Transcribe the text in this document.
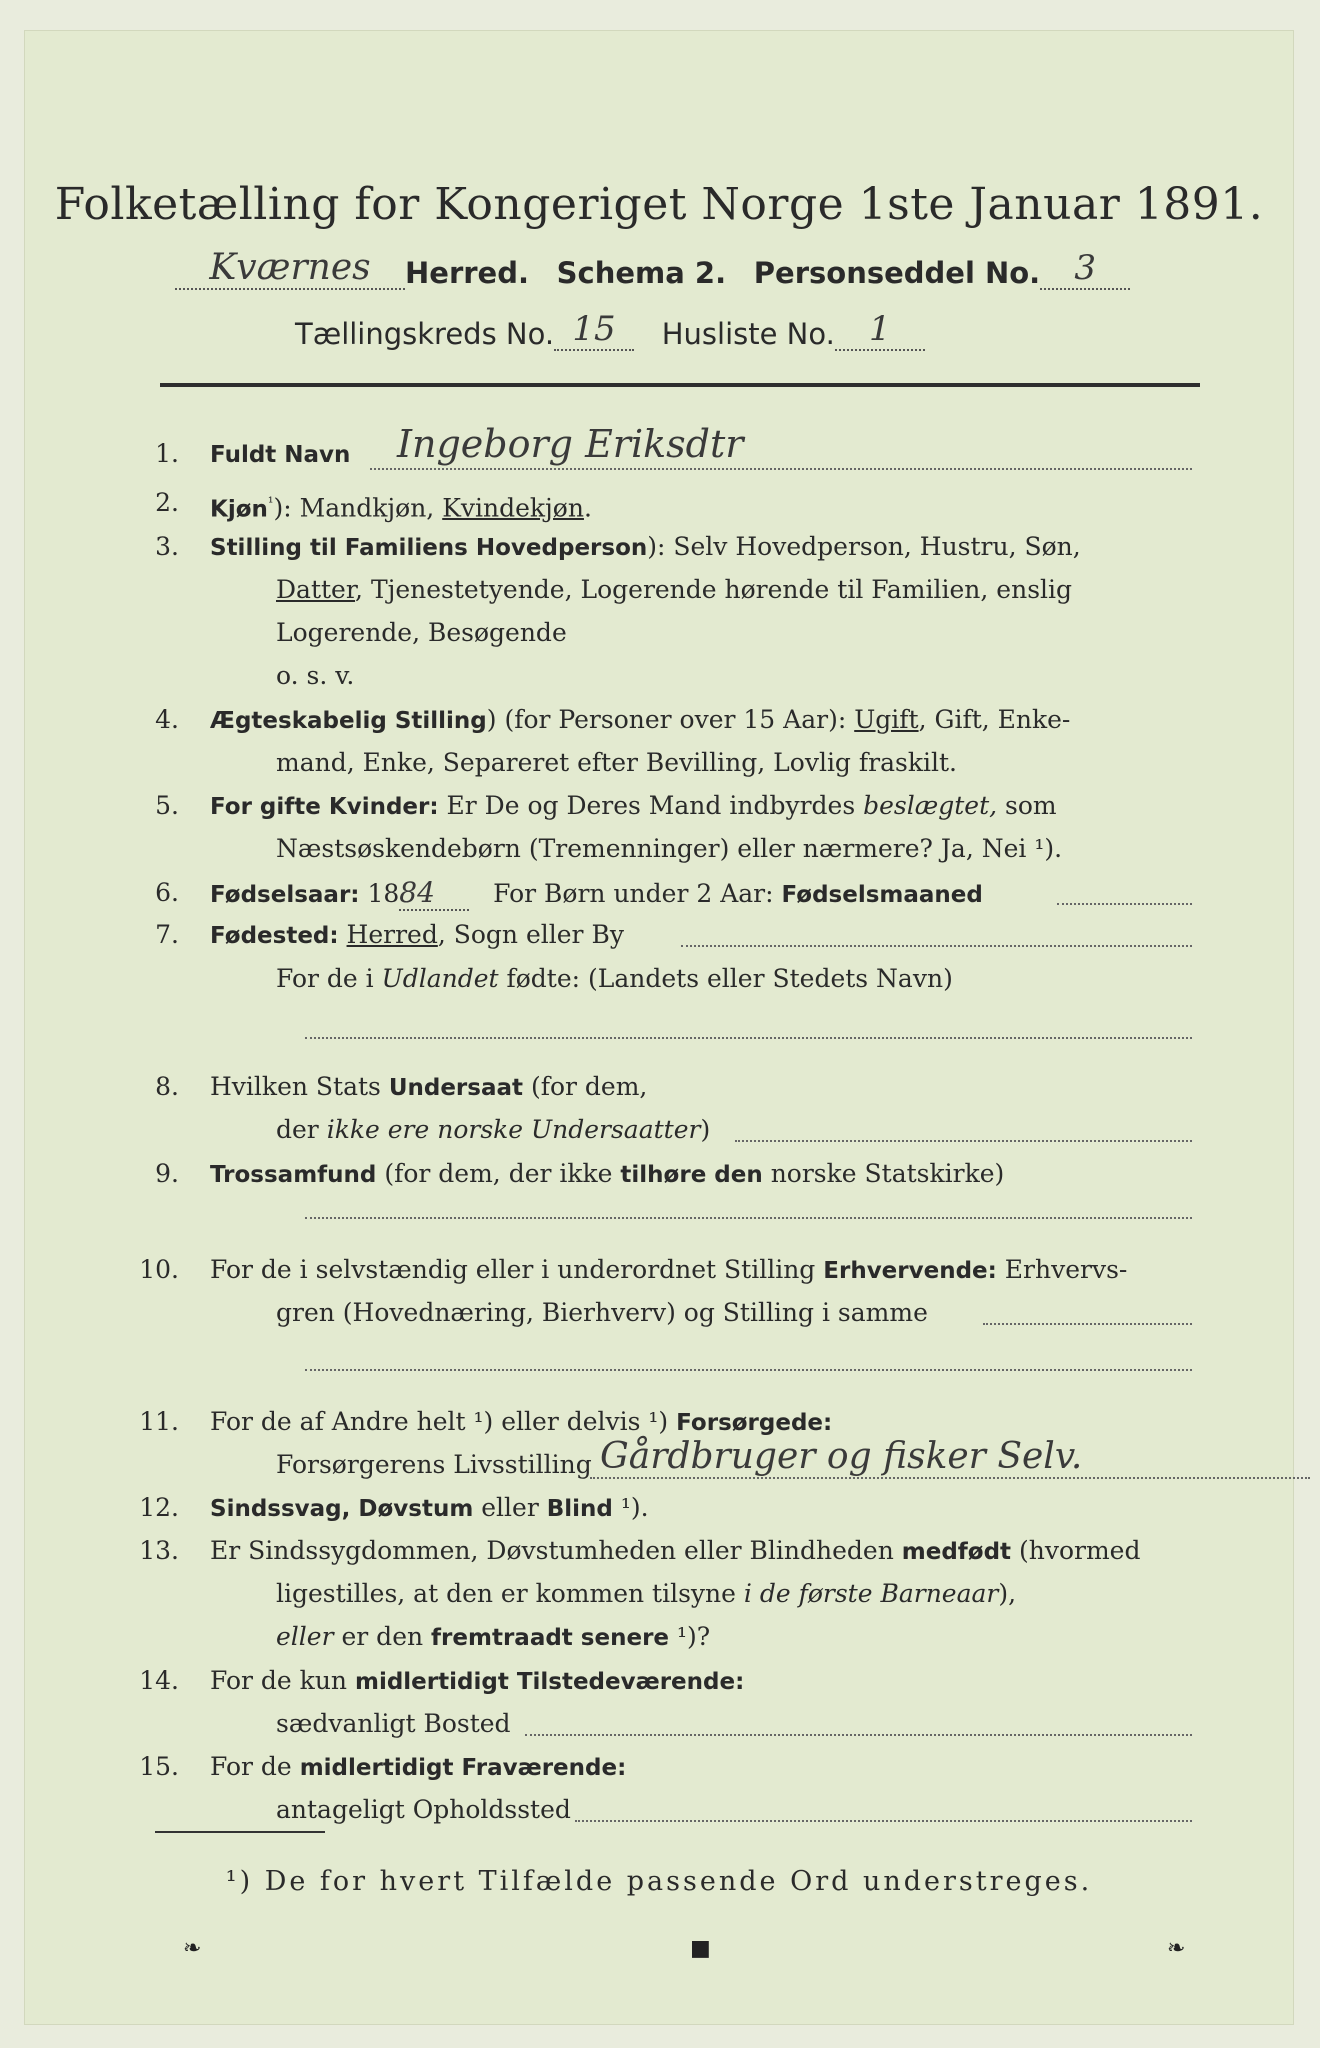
Folketælling for Kongeriget Norge 1ste Januar 1891.
Kværnes Herred. Schema 2. Personseddel No. 3
Tællingskreds No. 15 Husliste No. 1
1.	Fuldt Navn Ingeborg Eriksdtr
2.	Kjøn$^{^1}$): Mandkjøn, Kvindekjøn.
3.	Stilling til Familiens Hovedperson): Selv Hovedperson, Hustru, Søn,
Datter, Tjenestetyende, Logerende hørende til Familien, enslig
Logerende, Besøgende
o. s. v.
4.	Ægteskabelig Stilling) (for Personer over 15 Aar): Ugift, Gift, Enke-
mand, Enke, Separeret efter Bevilling, Lovlig fraskilt.
5.	For gifte Kvinder: Er De og Deres Mand indbyrdes beslægtet, som
Næstsøskendebørn (Tremenninger) eller nærmere? Ja, Nei ¹).
6.	Fødselsaar: 1884 For Børn under 2 Aar: Fødselsmaaned
7.	Fødested: Herred, Sogn eller By
For de i Udlandet fødte: (Landets eller Stedets Navn)
8.	Hvilken Stats Undersaat (for dem,
der ikke ere norske Undersaatter)
9.	Trossamfund (for dem, der ikke tilhøre den norske Statskirke)
10.	For de i selvstændig eller i underordnet Stilling Erhvervende: Erhvervs-
gren (Hovednæring, Bierhverv) og Stilling i samme
11.	For de af Andre helt ¹) eller delvis ¹) Forsørgede:
Forsørgerens Livsstilling Gårdbruger og fisker Selv.
12.	Sindssvag, Døvstum eller Blind ¹).
13.	Er Sindssygdommen, Døvstumheden eller Blindheden medfødt (hvormed
ligestilles, at den er kommen tilsyne i de første Barneaar),
eller er den fremtraadt senere ¹)?
14.	For de kun midlertidigt Tilstedeværende:
sædvanligt Bosted
15.	For de midlertidigt Fraværende:
antageligt Opholdssted
¹) De for hvert Tilfælde passende Ord understreges.
❧	■	❧
